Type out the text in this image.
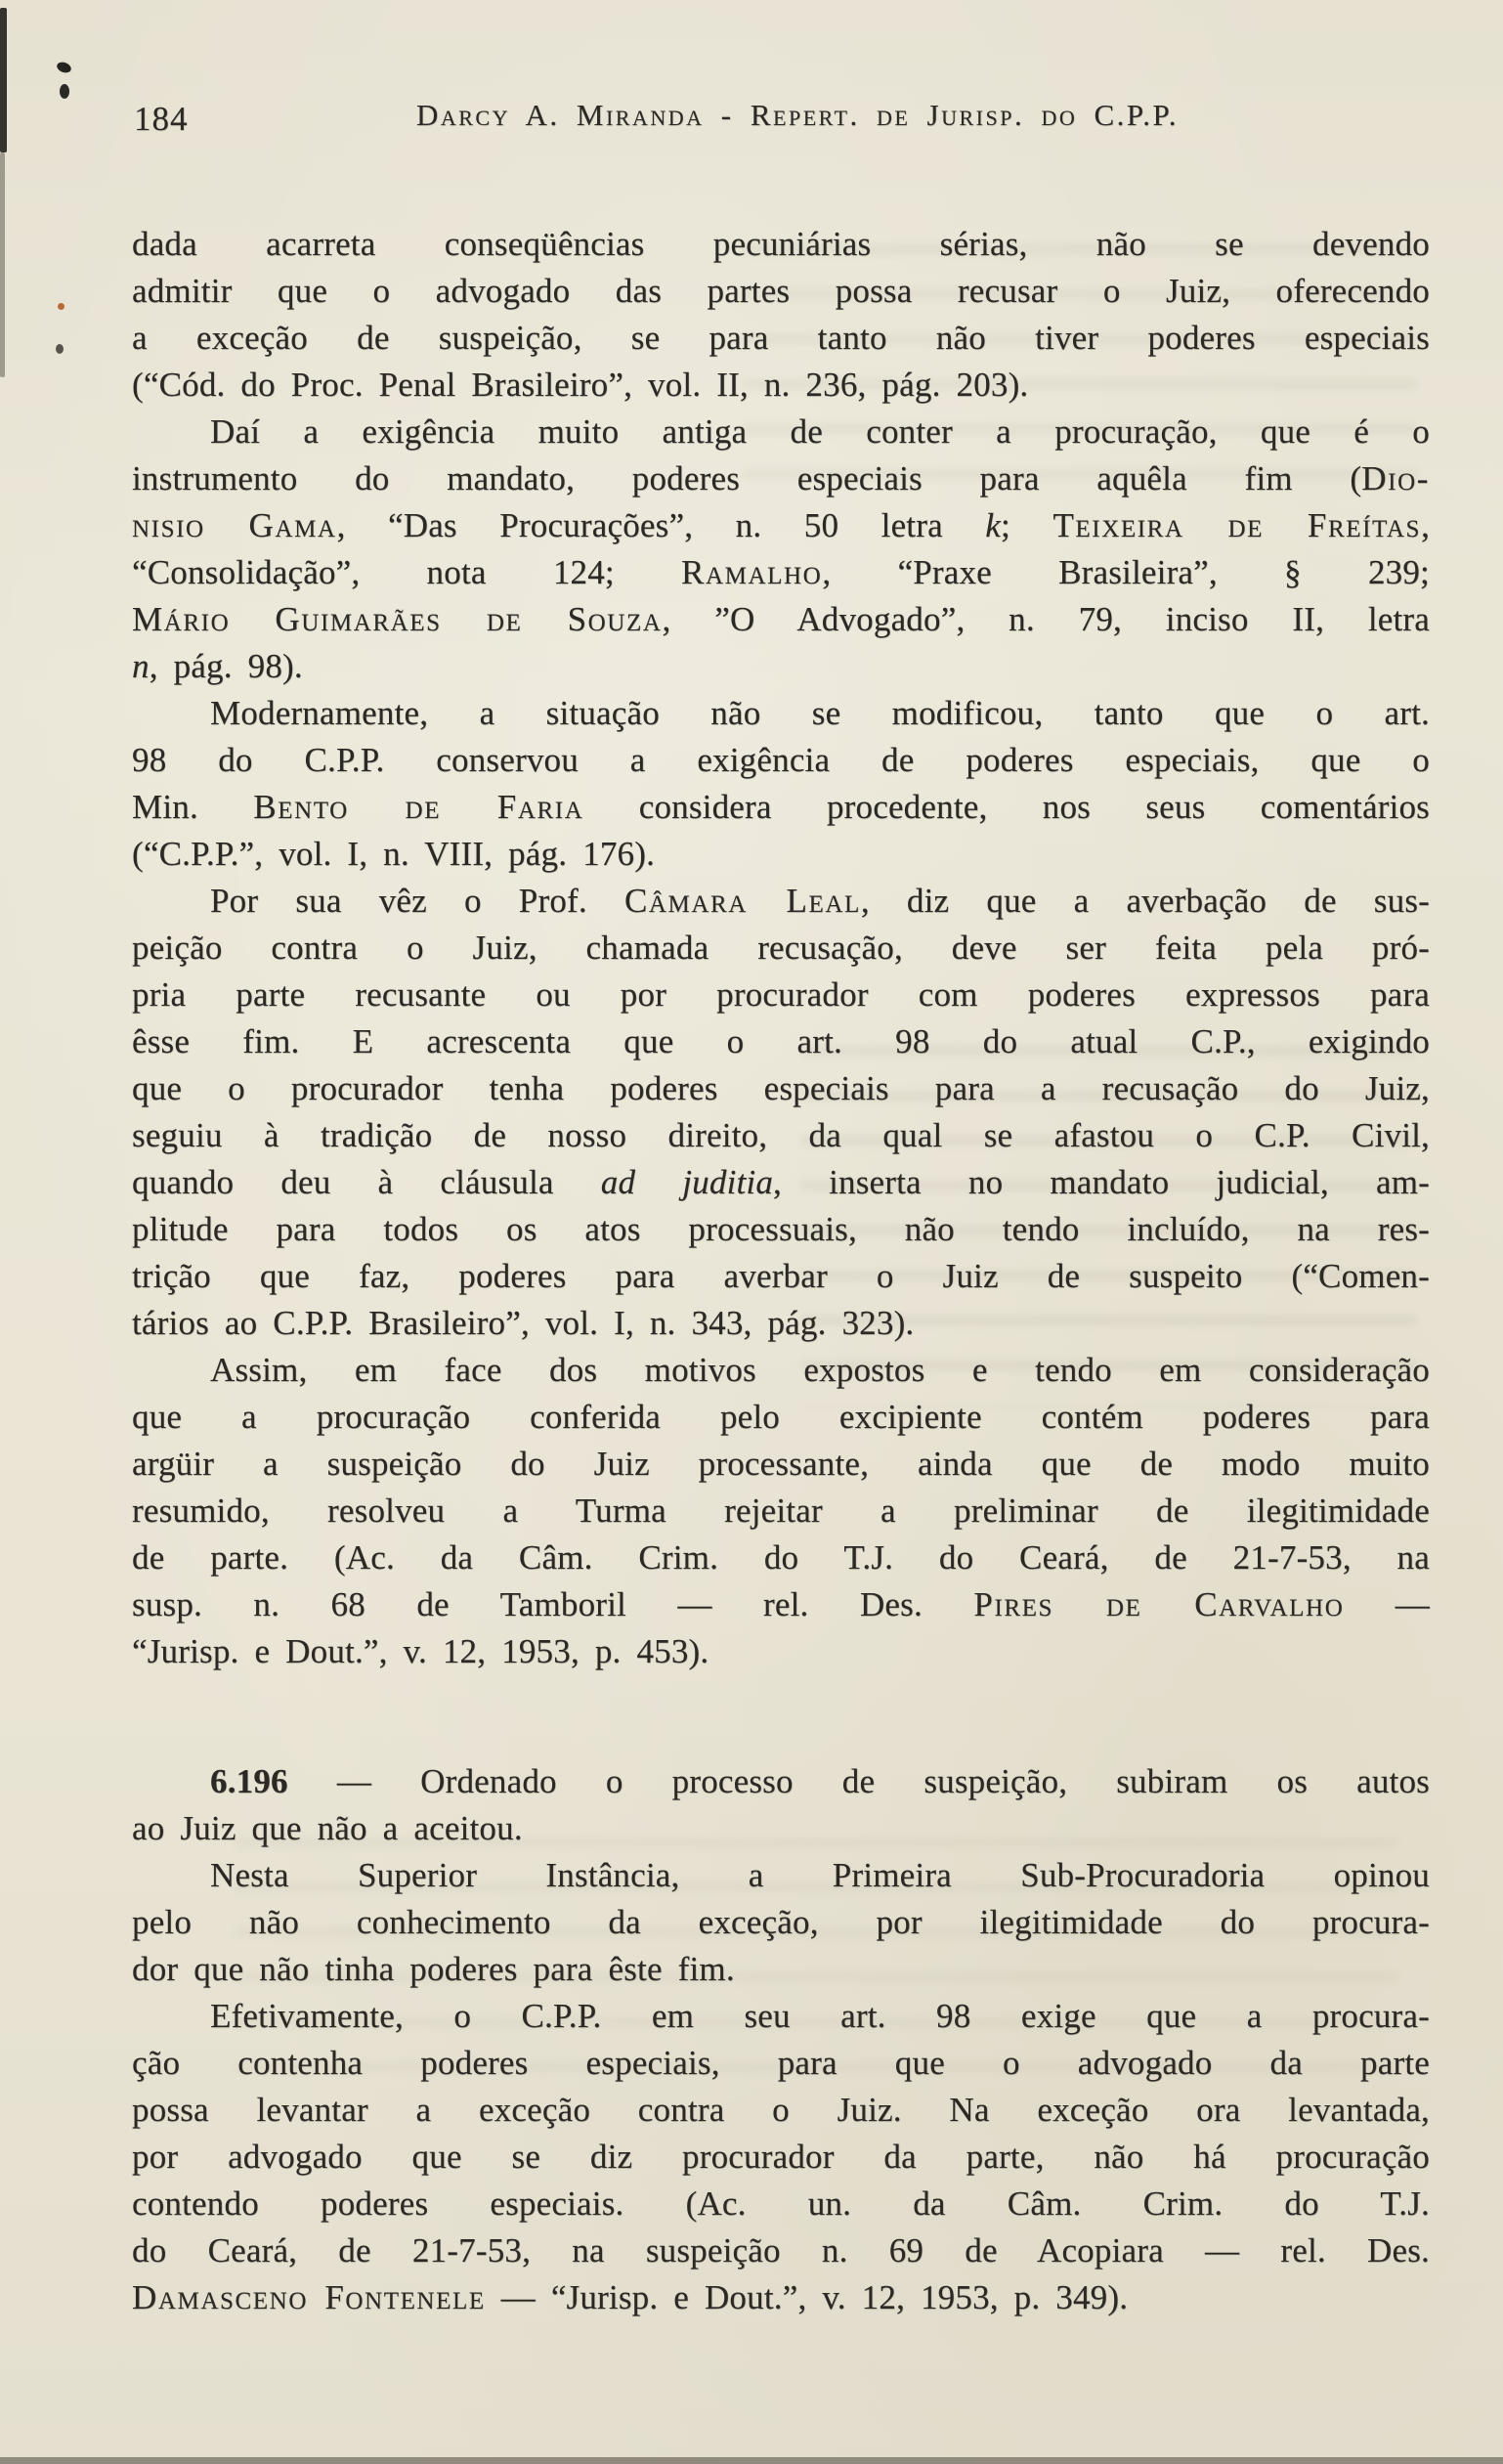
184	Darcy A. Miranda - Repert. de Jurisp. do C.P.P.
dada acarreta conseqüências pecuniárias sérias, não se devendo
admitir que o advogado das partes possa recusar o Juiz, oferecendo
a exceção de suspeição, se para tanto não tiver poderes especiais
(“Cód. do Proc. Penal Brasileiro”, vol. II, n. 236, pág. 203).
Daí a exigência muito antiga de conter a procuração, que é o
instrumento do mandato, poderes especiais para aquêla fim (Dio-
nisio Gama, “Das Procurações”, n. 50 letra k; Teixeira de Freítas,
“Consolidação”, nota 124; Ramalho, “Praxe Brasileira”, § 239;
Mário Guimarães de Souza, ”O Advogado”, n. 79, inciso II, letra
n, pág. 98).
Modernamente, a situação não se modificou, tanto que o art.
98 do C.P.P. conservou a exigência de poderes especiais, que o
Min. Bento de Faria considera procedente, nos seus comentários
(“C.P.P.”, vol. I, n. VIII, pág. 176).
Por sua vêz o Prof. Câmara Leal, diz que a averbação de sus-
peição contra o Juiz, chamada recusação, deve ser feita pela pró-
pria parte recusante ou por procurador com poderes expressos para
êsse fim. E acrescenta que o art. 98 do atual C.P., exigindo
que o procurador tenha poderes especiais para a recusação do Juiz,
seguiu à tradição de nosso direito, da qual se afastou o C.P. Civil,
quando deu à cláusula ad juditia, inserta no mandato judicial, am-
plitude para todos os atos processuais, não tendo incluído, na res-
trição que faz, poderes para averbar o Juiz de suspeito (“Comen-
tários ao C.P.P. Brasileiro”, vol. I, n. 343, pág. 323).
Assim, em face dos motivos expostos e tendo em consideração
que a procuração conferida pelo excipiente contém poderes para
argüir a suspeição do Juiz processante, ainda que de modo muito
resumido, resolveu a Turma rejeitar a preliminar de ilegitimidade
de parte. (Ac. da Câm. Crim. do T.J. do Ceará, de 21-7-53, na
susp. n. 68 de Tamboril — rel. Des. Pires de Carvalho —
“Jurisp. e Dout.”, v. 12, 1953, p. 453).
6.196 — Ordenado o processo de suspeição, subiram os autos
ao Juiz que não a aceitou.
Nesta Superior Instância, a Primeira Sub-Procuradoria opinou
pelo não conhecimento da exceção, por ilegitimidade do procura-
dor que não tinha poderes para êste fim.
Efetivamente, o C.P.P. em seu art. 98 exige que a procura-
ção contenha poderes especiais, para que o advogado da parte
possa levantar a exceção contra o Juiz. Na exceção ora levantada,
por advogado que se diz procurador da parte, não há procuração
contendo poderes especiais. (Ac. un. da Câm. Crim. do T.J.
do Ceará, de 21-7-53, na suspeição n. 69 de Acopiara — rel. Des.
Damasceno Fontenele — “Jurisp. e Dout.”, v. 12, 1953, p. 349).
